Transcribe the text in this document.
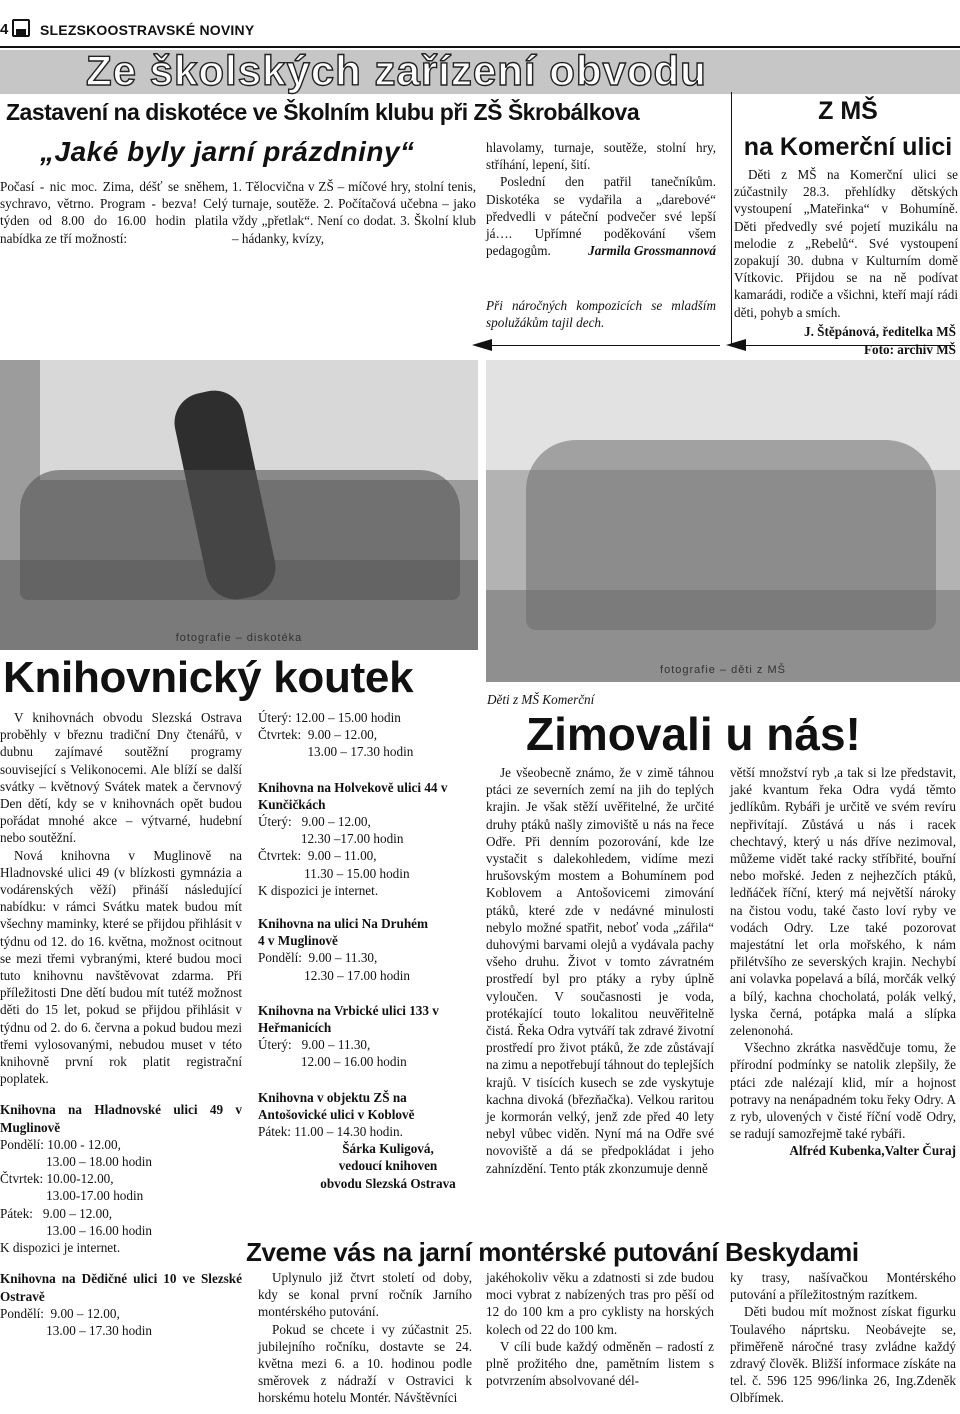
4 SLEZSKOOSTRAVSKÉ NOVINY
Ze školských zařízení obvodu
Zastavení na diskotéce ve Školním klubu při ZŠ Škrobálkova
„Jaké byly jarní prázdniny“
Počasí - nic moc. Zima, déšť se sněhem, sychravo, větrno. Program - bezva! Celý týden od 8.00 do 16.00 hodin platila nabídka ze tří možností:
1. Tělocvična v ZŠ – míčové hry, stolní tenis, turnaje, soutěže. 2. Počítačová učebna – jako vždy „přetlak“. Není co dodat. 3. Školní klub – hádanky, kvízy,

hlavolamy, turnaje, soutěže, stolní hry, stříhání, lepení, šití.

Poslední den patřil tanečníkům. Diskotéka se vydařila a „darebové“ předvedli v páteční podvečer své lepší já…. Upřímné poděkování všem pedagogům.	Jarmila Grossmannová

Při náročných kompozicích se mladším spolužákům tajil dech.
Z MŠ
na Komerční ulici
Děti z MŠ na Komerční ulici se zúčastnily 28.3. přehlídky dětských vystoupení „Mateřinka“ v Bohumíně. Děti předvedly své pojetí muzikálu na melodie z „Rebelů“. Své vystoupení zopakují 30. dubna v Kulturním domě Vítkovic. Přijdou se na ně podívat kamarádi, rodiče a všichni, kteří mají rádi děti, pohyb a smích.
J. Štěpánová, ředitelka MŠ
Foto: archiv MŠ
fotografie – diskotéka
fotografie – děti z MŠ
Knihovnický koutek

V knihovnách obvodu Slezská Ostrava proběhly v březnu tradiční Dny čtenářů, v dubnu zajímavé soutěžní programy související s Velikonocemi. Ale blíží se další svátky – květnový Svátek matek a červnový Den dětí, kdy se v knihovnách opět budou pořádat mnohé akce – výtvarné, hudební nebo soutěžní.

Nová knihovna v Muglinově na Hladnovské ulici 49 (v blízkosti gymnázia a vodárenských věží) přináší následující nabídku: v rámci Svátku matek budou mít všechny maminky, které se přijdou přihlásit v týdnu od 12. do 16. května, možnost ocitnout se mezi třemi vybranými, které budou moci tuto knihovnu navštěvovat zdarma. Při příležitosti Dne dětí budou mít tutéž možnost děti do 15 let, pokud se přijdou přihlásit v týdnu od 2. do 6. června a pokud budou mezi třemi vylosovanými, nebudou muset v této knihovně první rok platit registrační poplatek.

Knihovna na Hladnovské ulici 49 v Muglinově

Pondělí: 10.00 - 12.00,
13.00 – 18.00 hodin
Čtvrtek: 10.00-12.00,
13.00-17.00 hodin
Pátek:   9.00 – 12.00,
13.00 – 16.00 hodin
K dispozici je internet.

Knihovna na Dědičné ulici 10 ve Slezské Ostravě

Pondělí:  9.00 – 12.00,
13.00 – 17.30 hodin
Úterý: 12.00 – 15.00 hodin
Čtvrtek:  9.00 – 12.00,
13.00 – 17.30 hodin

Knihovna na Holvekově ulici 44 v Kunčičkách

Úterý:   9.00 – 12.00,
12.30 –17.00 hodin
Čtvrtek:  9.00 – 11.00,
11.30 – 15.00 hodin
K dispozici je internet.

Knihovna na ulici Na Druhém 4 v Muglinově

Pondělí:  9.00 – 11.30,
12.30 – 17.00 hodin

Knihovna na Vrbické ulici 133 v Heřmanicích

Úterý:   9.00 – 11.30,
12.00 – 16.00 hodin

Knihovna v objektu ZŠ na Antošovické ulici v Koblově

Pátek: 11.00 – 14.30 hodin.
Šárka Kuligová,
vedoucí knihoven
obvodu Slezská Ostrava
Děti z MŠ Komerční
Zimovali u nás!
Je všeobecně známo, že v zimě táhnou ptáci ze severních zemí na jih do teplých krajin. Je však stěží uvěřitelné, že určité druhy ptáků našly zimoviště u nás na řece Odře. Při denním pozorování, kde lze vystačit s dalekohledem, vidíme mezi hrušovským mostem a Bohumínem pod Koblovem a Antošovicemi zimování ptáků, které zde v nedávné minulosti nebylo možné spatřit, neboť voda „zářila“ duhovými barvami olejů a vydávala pachy všeho druhu. Život v tomto závratném prostředí byl pro ptáky a ryby úplně vyloučen. V současnosti je voda, protékající touto lokalitou neuvěřitelně čistá. Řeka Odra vytváří tak zdravé životní prostředí pro život ptáků, že zde zůstávají na zimu a nepotřebují táhnout do teplejších krajů. V tisících kusech se zde vyskytuje kachna divoká (březňačka). Velkou raritou je kormorán velký, jenž zde před 40 lety nebyl vůbec viděn. Nyní má na Odře své novoviště a dá se předpokládat i jeho zahnízdění. Tento pták zkonzumuje denně

větší množství ryb ,a tak si lze představit, jaké kvantum řeka Odra vydá těmto jedlíkům. Rybáři je určitě ve svém revíru nepřivítají. Zůstává u nás i racek chechtavý, který u nás dříve nezimoval, můžeme vidět také racky stříbřité, bouřní nebo mořské. Jeden z nejhezčích ptáků, ledňáček říční, který má největší nároky na čistou vodu, také často loví ryby ve vodách Odry. Lze také pozorovat majestátní let orla mořského, k nám přilétvšího ze severských krajin. Nechybí ani volavka popelavá a bílá, morčák velký a bílý, kachna chocholatá, polák velký, lyska černá, potápka malá a slípka zelenonohá.

Všechno zkrátka nasvědčuje tomu, že přírodní podmínky se natolik zlepšily, že ptáci zde nalézají klid, mír a hojnost potravy na nenápadném toku řeky Odry. A z ryb, ulovených v čisté říční vodě Odry, se radují samozřejmě také rybáři.

Alfréd Kubenka,Valter Čuraj

Zveme vás na jarní montérské putování Beskydami

Uplynulo již čtvrt století od doby, kdy se konal první ročník Jarního montérského putování.

Pokud se chcete i vy zúčastnit 25. jubilejního ročníku, dostavte se 24. května mezi 6. a 10. hodinou podle směrovek z nádraží v Ostravici k horskému hotelu Montér. Návštěvníci

jakéhokoliv věku a zdatnosti si zde budou moci vybrat z nabízených tras pro pěší od 12 do 100 km a pro cyklisty na horských kolech od 22 do 100 km.

V cíli bude každý odměněn – radostí z plně prožitého dne, pamětním listem s potvrzením absolvované dél-

ky trasy, našívačkou Montérského putování a příležitostným razítkem.

Děti budou mít možnost získat figurku Toulavého náprtsku. Neobávejte se, přiměřeně náročné trasy zvládne každý zdravý člověk. Bližší informace získáte na tel. č. 596 125 996/linka 26, Ing.Zdeněk Olbřímek.
